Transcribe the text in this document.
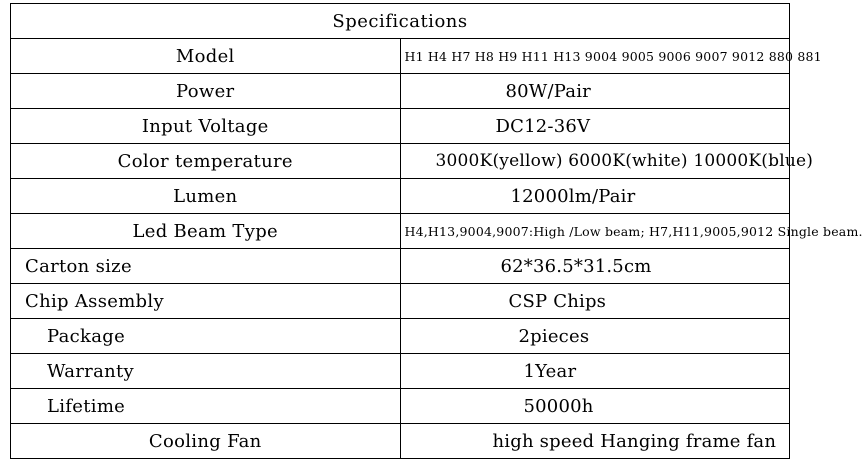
Specifications	
Model	H1 H4 H7 H8 H9 H11 H13 9004 9005 9006 9007 9012 880 881
Power	80W/Pair
Input Voltage	DC12-36V
Color temperature	3000K(yellow) 6000K(white) 10000K(blue)
Lumen	12000lm/Pair
Led Beam Type	H4,H13,9004,9007:High /Low beam; H7,H11,9005,9012 Single beam.
Carton size	62*36.5*31.5cm
Chip Assembly	CSP Chips
Package	2pieces
Warranty	1Year
Lifetime	50000h
Cooling Fan	high speed Hanging frame fan
